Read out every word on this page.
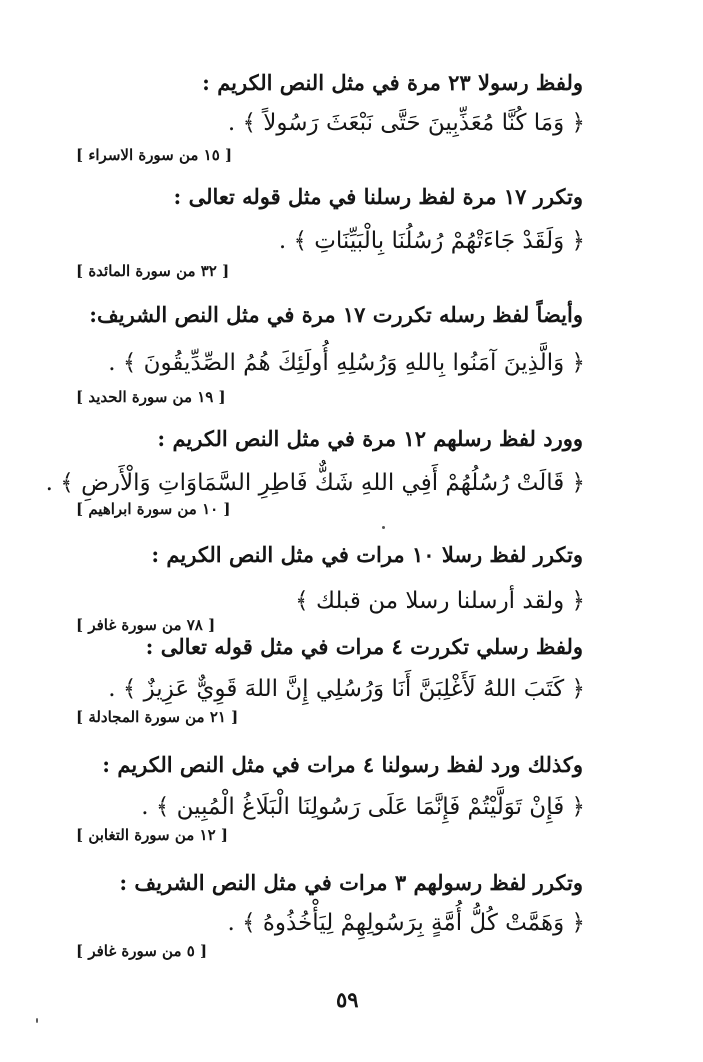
ولفظ رسولا ٢٣ مرة في مثل النص الكريم :
﴿ وَمَا كُنَّا مُعَذِّبِينَ حَتَّى نَبْعَثَ رَسُولاً ﴾ .
[ ١٥ من سورة الاسراء ]
وتكرر ١٧ مرة لفظ رسلنا في مثل قوله تعالى :
﴿ وَلَقَدْ جَاءَتْهُمْ رُسُلُنَا بِالْبَيِّنَاتِ ﴾ .
[ ٣٢ من سورة المائدة ]
وأيضاً لفظ رسله تكررت ١٧ مرة في مثل النص الشريف:
﴿ وَالَّذِينَ آمَنُوا بِاللهِ وَرُسُلِهِ أُولَئِكَ هُمُ الصِّدِّيقُونَ ﴾ .
[ ١٩ من سورة الحديد ]
وورد لفظ رسلهم ١٢ مرة في مثل النص الكريم :
﴿ قَالَتْ رُسُلُهُمْ أَفِي اللهِ شَكٌّ فَاطِرِ السَّمَاوَاتِ وَالْأَرضِ ﴾ .
[ ١٠ من سورة ابراهيم ]
وتكرر لفظ رسلا ١٠ مرات في مثل النص الكريم :
﴿ ولقد أرسلنا رسلا من قبلك ﴾
[ ٧٨ من سورة غافر ]
ولفظ رسلي تكررت ٤ مرات في مثل قوله تعالى :
﴿ كَتَبَ اللهُ لَأَغْلِبَنَّ أَنَا وَرُسُلِي إِنَّ اللهَ قَوِيٌّ عَزِيزٌ ﴾ .
[ ٢١ من سورة المجادلة ]
وكذلك ورد لفظ رسولنا ٤ مرات في مثل النص الكريم :
﴿ فَإِنْ تَوَلَّيْتُمْ فَإِنَّمَا عَلَى رَسُولِنَا الْبَلَاغُ الْمُبِين ﴾ .
[ ١٢ من سورة التغابن ]
وتكرر لفظ رسولهم ٣ مرات في مثل النص الشريف :
﴿ وَهَمَّتْ كُلُّ أُمَّةٍ بِرَسُولِهِمْ لِيَأْخُذُوهُ ﴾ .
[ ٥ من سورة غافر ]
٥٩
